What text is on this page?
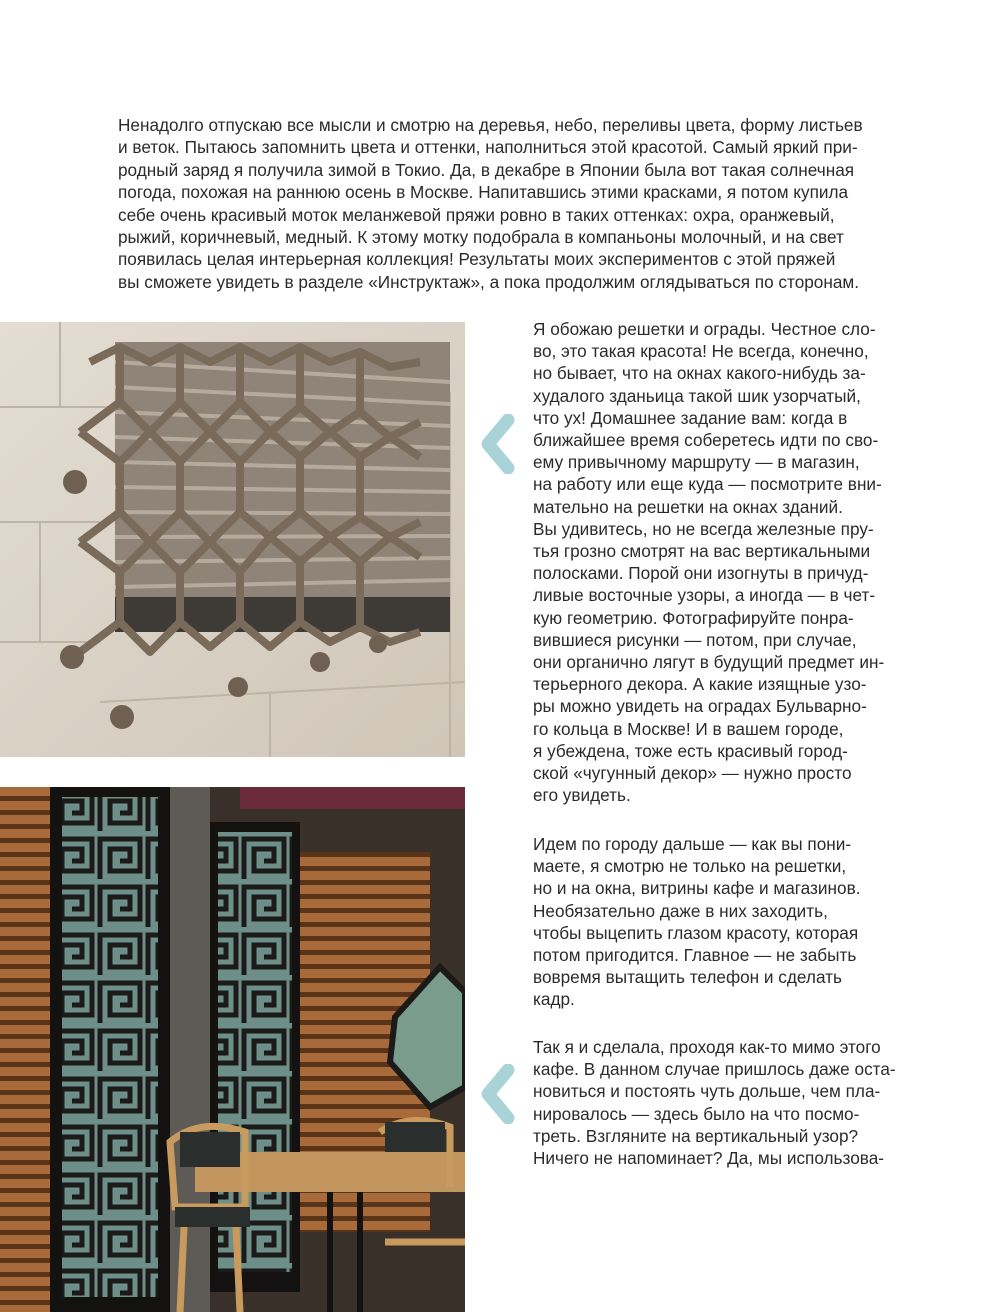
Ненадолго отпускаю все мысли и смотрю на деревья, небо, переливы цвета, форму листьев
и веток. Пытаюсь запомнить цвета и оттенки, наполниться этой красотой. Самый яркий при-
родный заряд я получила зимой в Токио. Да, в декабре в Японии была вот такая солнечная
погода, похожая на раннюю осень в Москве. Напитавшись этими красками, я потом купила
себе очень красивый моток меланжевой пряжи ровно в таких оттенках: охра, оранжевый,
рыжий, коричневый, медный. К этому мотку подобрала в компаньоны молочный, и на свет
появилась целая интерьерная коллекция! Результаты моих экспериментов с этой пряжей
вы сможете увидеть в разделе «Инструктаж», а пока продолжим оглядываться по сторонам.
Я обожаю решетки и ограды. Честное сло-
во, это такая красота! Не всегда, конечно,
но бывает, что на окнах какого-нибудь за-
худалого зданьица такой шик узорчатый,
что ух! Домашнее задание вам: когда в
ближайшее время соберетесь идти по сво-
ему привычному маршруту — в магазин,
на работу или еще куда — посмотрите вни-
мательно на решетки на окнах зданий.
Вы удивитесь, но не всегда железные пру-
тья грозно смотрят на вас вертикальными
полосками. Порой они изогнуты в причуд-
ливые восточные узоры, а иногда — в чет-
кую геометрию. Фотографируйте понра-
вившиеся рисунки — потом, при случае,
они органично лягут в будущий предмет ин-
терьерного декора. А какие изящные узо-
ры можно увидеть на оградах Бульварно-
го кольца в Москве! И в вашем городе,
я убеждена, тоже есть красивый город-
ской «чугунный декор» — нужно просто
его увидеть.
Идем по городу дальше — как вы пони-
маете, я смотрю не только на решетки,
но и на окна, витрины кафе и магазинов.
Необязательно даже в них заходить,
чтобы выцепить глазом красоту, которая
потом пригодится. Главное — не забыть
вовремя вытащить телефон и сделать
кадр.
Так я и сделала, проходя как-то мимо этого
кафе. В данном случае пришлось даже оста-
новиться и постоять чуть дольше, чем пла-
нировалось — здесь было на что посмо-
треть. Взгляните на вертикальный узор?
Ничего не напоминает? Да, мы использова-
